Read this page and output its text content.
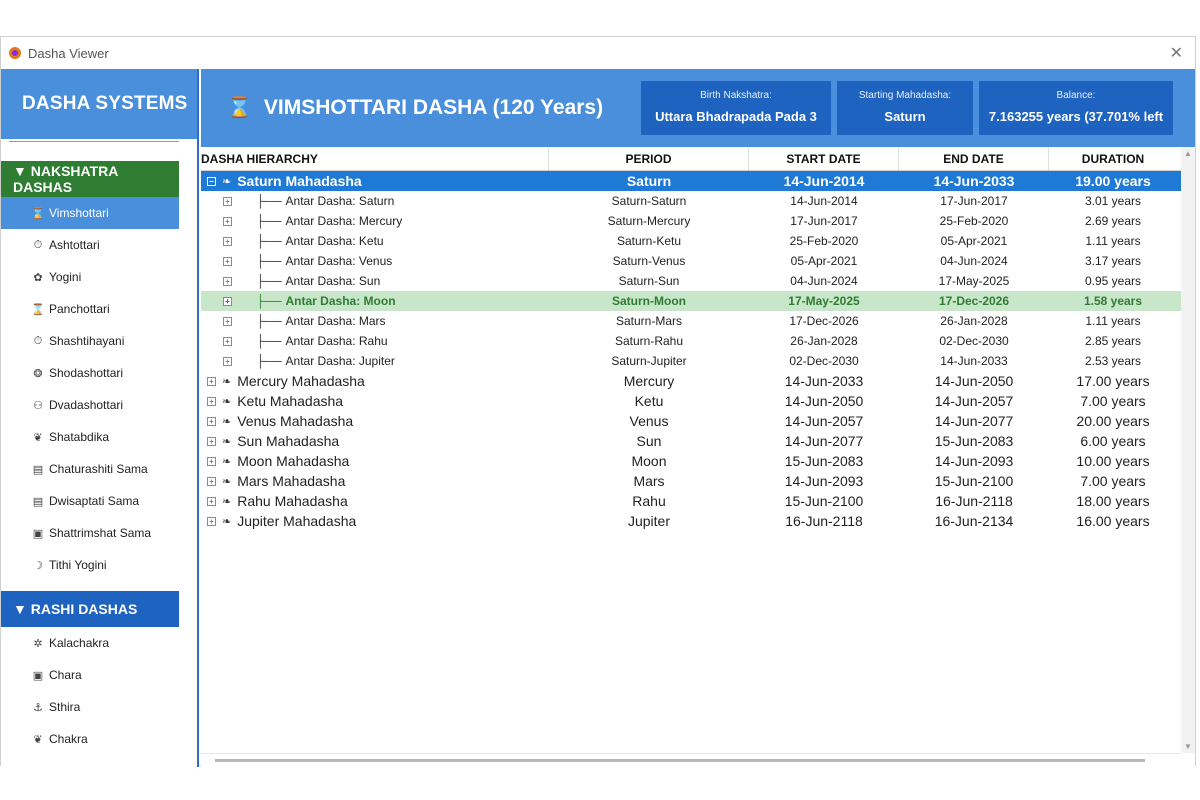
Dasha Viewer	✕
DASHA SYSTEMS
▼ NAKSHATRA DASHAS
⌛ Vimshottari
⏱ Ashtottari
✿ Yogini
⌛ Panchottari
⏱ Shashtihayani
❂ Shodashottari
⚇ Dvadashottari
❦ Shatabdika
▤ Chaturashiti Sama
▤ Dwisaptati Sama
▣ Shattrimshat Sama
☽ Tithi Yogini
▼ RASHI DASHAS
✲ Kalachakra
▣ Chara
⚓ Sthira
❦ Chakra
⌛ VIMSHOTTARI DASHA (120 Years)	Birth Nakshatra:
Uttara Bhadrapada Pada 3
Starting Mahadasha:
Saturn
Balance:
7.163255 years (37.701% left
DASHA HIERARCHY	PERIOD	START DATE	END DATE	DURATION
− ❧ Saturn Mahadasha	Saturn	14-Jun-2014	14-Jun-2033	19.00 years
+ ├── Antar Dasha: Saturn	Saturn-Saturn	14-Jun-2014	17-Jun-2017	3.01 years
+ ├── Antar Dasha: Mercury	Saturn-Mercury	17-Jun-2017	25-Feb-2020	2.69 years
+ ├── Antar Dasha: Ketu	Saturn-Ketu	25-Feb-2020	05-Apr-2021	1.11 years
+ ├── Antar Dasha: Venus	Saturn-Venus	05-Apr-2021	04-Jun-2024	3.17 years
+ ├── Antar Dasha: Sun	Saturn-Sun	04-Jun-2024	17-May-2025	0.95 years
+ ├── Antar Dasha: Moon	Saturn-Moon	17-May-2025	17-Dec-2026	1.58 years
+ ├── Antar Dasha: Mars	Saturn-Mars	17-Dec-2026	26-Jan-2028	1.11 years
+ ├── Antar Dasha: Rahu	Saturn-Rahu	26-Jan-2028	02-Dec-2030	2.85 years
+ ├── Antar Dasha: Jupiter	Saturn-Jupiter	02-Dec-2030	14-Jun-2033	2.53 years
+ ❧ Mercury Mahadasha	Mercury	14-Jun-2033	14-Jun-2050	17.00 years
+ ❧ Ketu Mahadasha	Ketu	14-Jun-2050	14-Jun-2057	7.00 years
+ ❧ Venus Mahadasha	Venus	14-Jun-2057	14-Jun-2077	20.00 years
+ ❧ Sun Mahadasha	Sun	14-Jun-2077	15-Jun-2083	6.00 years
+ ❧ Moon Mahadasha	Moon	15-Jun-2083	14-Jun-2093	10.00 years
+ ❧ Mars Mahadasha	Mars	14-Jun-2093	15-Jun-2100	7.00 years
+ ❧ Rahu Mahadasha	Rahu	15-Jun-2100	16-Jun-2118	18.00 years
+ ❧ Jupiter Mahadasha	Jupiter	16-Jun-2118	16-Jun-2134	16.00 years
▲
▼
